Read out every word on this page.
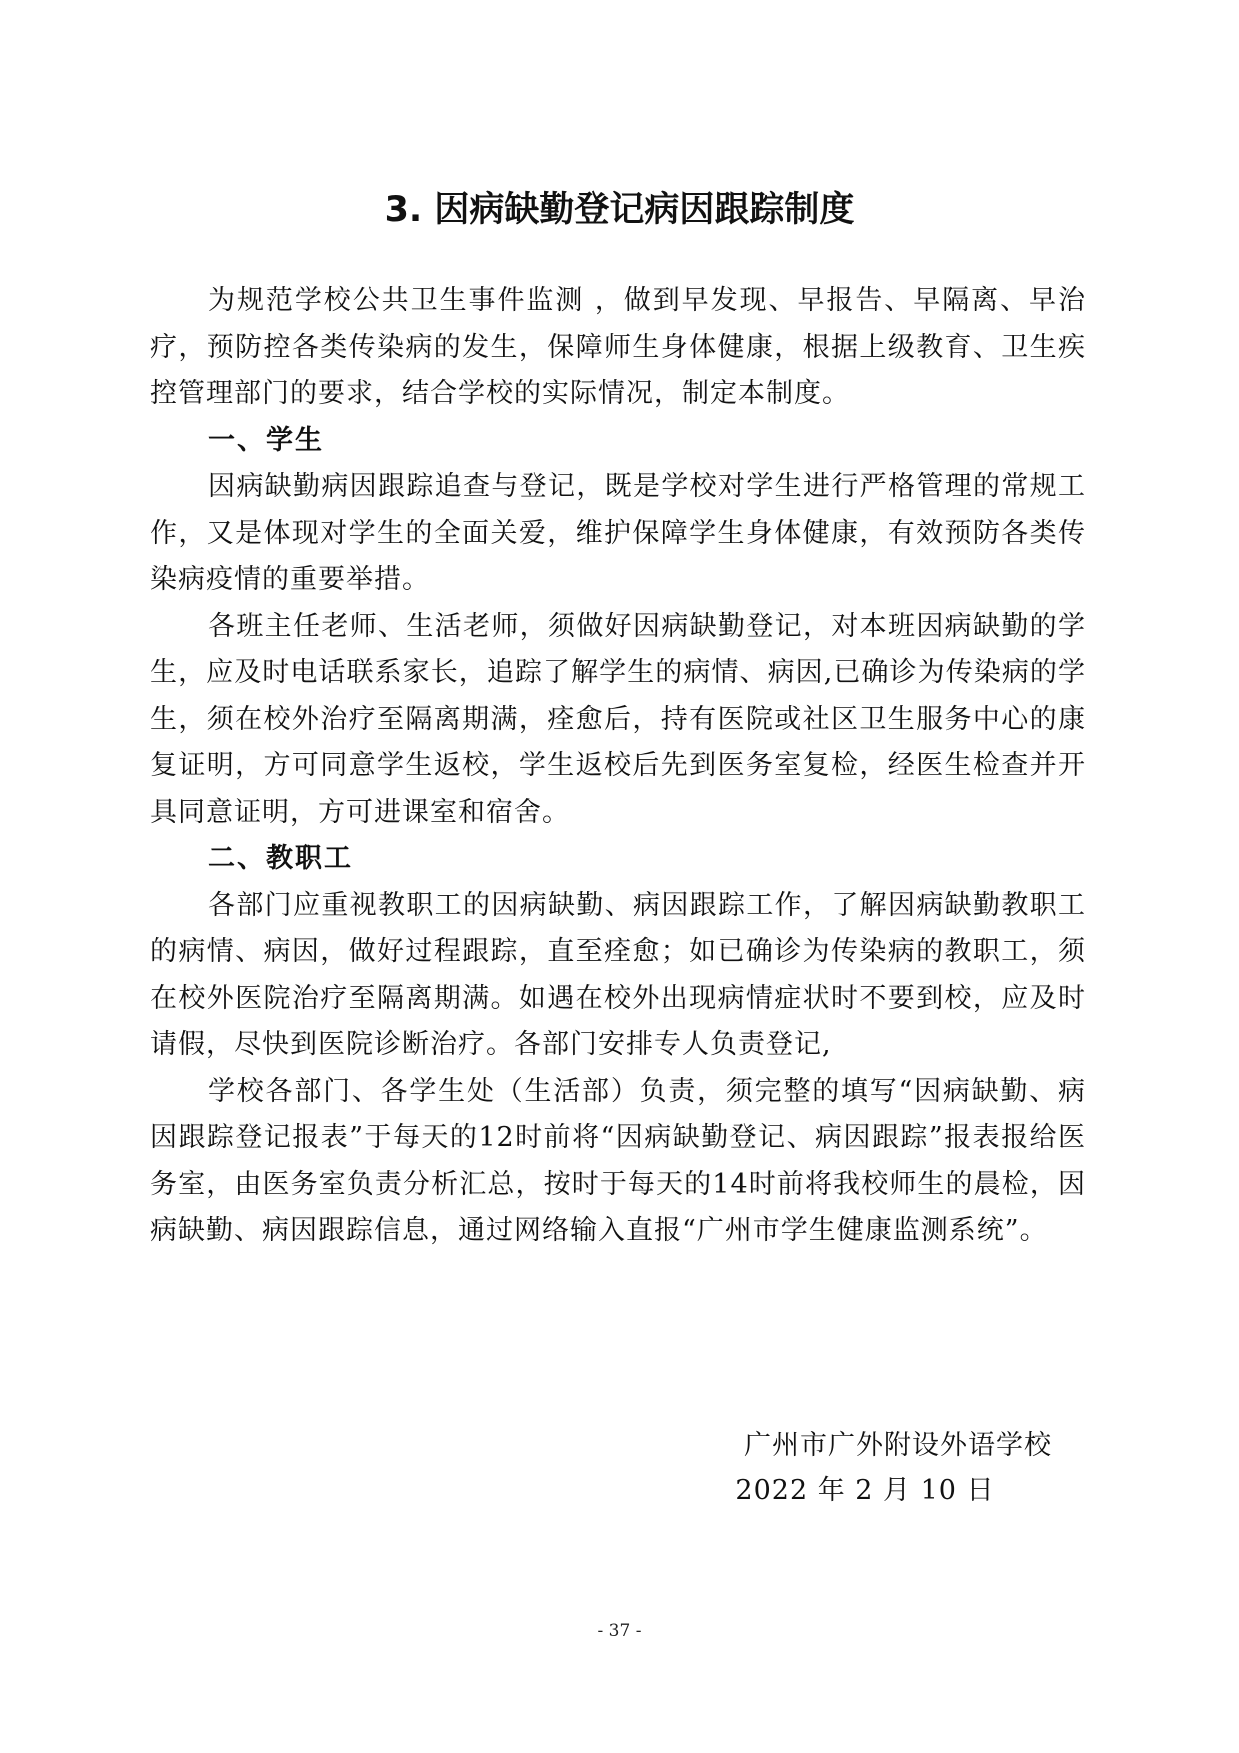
3. 因病缺勤登记病因跟踪制度

为规范学校公共卫生事件监测 ，做到早发现、早报告、早隔离、早治疗，预防控各类传染病的发生，保障师生身体健康，根据上级教育、卫生疾控管理部门的要求，结合学校的实际情况，制定本制度。

一、学生

因病缺勤病因跟踪追查与登记，既是学校对学生进行严格管理的常规工作，又是体现对学生的全面关爱，维护保障学生身体健康，有效预防各类传染病疫情的重要举措。

各班主任老师、生活老师，须做好因病缺勤登记，对本班因病缺勤的学生，应及时电话联系家长，追踪了解学生的病情、病因,已确诊为传染病的学生，须在校外治疗至隔离期满，痊愈后，持有医院或社区卫生服务中心的康复证明，方可同意学生返校，学生返校后先到医务室复检，经医生检查并开具同意证明，方可进课室和宿舍。

二、教职工

各部门应重视教职工的因病缺勤、病因跟踪工作，了解因病缺勤教职工的病情、病因，做好过程跟踪，直至痊愈；如已确诊为传染病的教职工，须在校外医院治疗至隔离期满。如遇在校外出现病情症状时不要到校，应及时请假，尽快到医院诊断治疗。各部门安排专人负责登记,

学校各部门、各学生处（生活部）负责，须完整的填写“因病缺勤、病因跟踪登记报表”于每天的12时前将“因病缺勤登记、病因跟踪”报表报给医务室，由医务室负责分析汇总，按时于每天的14时前将我校师生的晨检，因病缺勤、病因跟踪信息，通过网络输入直报“广州市学生健康监测系统”。

广州市广外附设外语学校
2022 年 2 月 10 日
- 37 -
